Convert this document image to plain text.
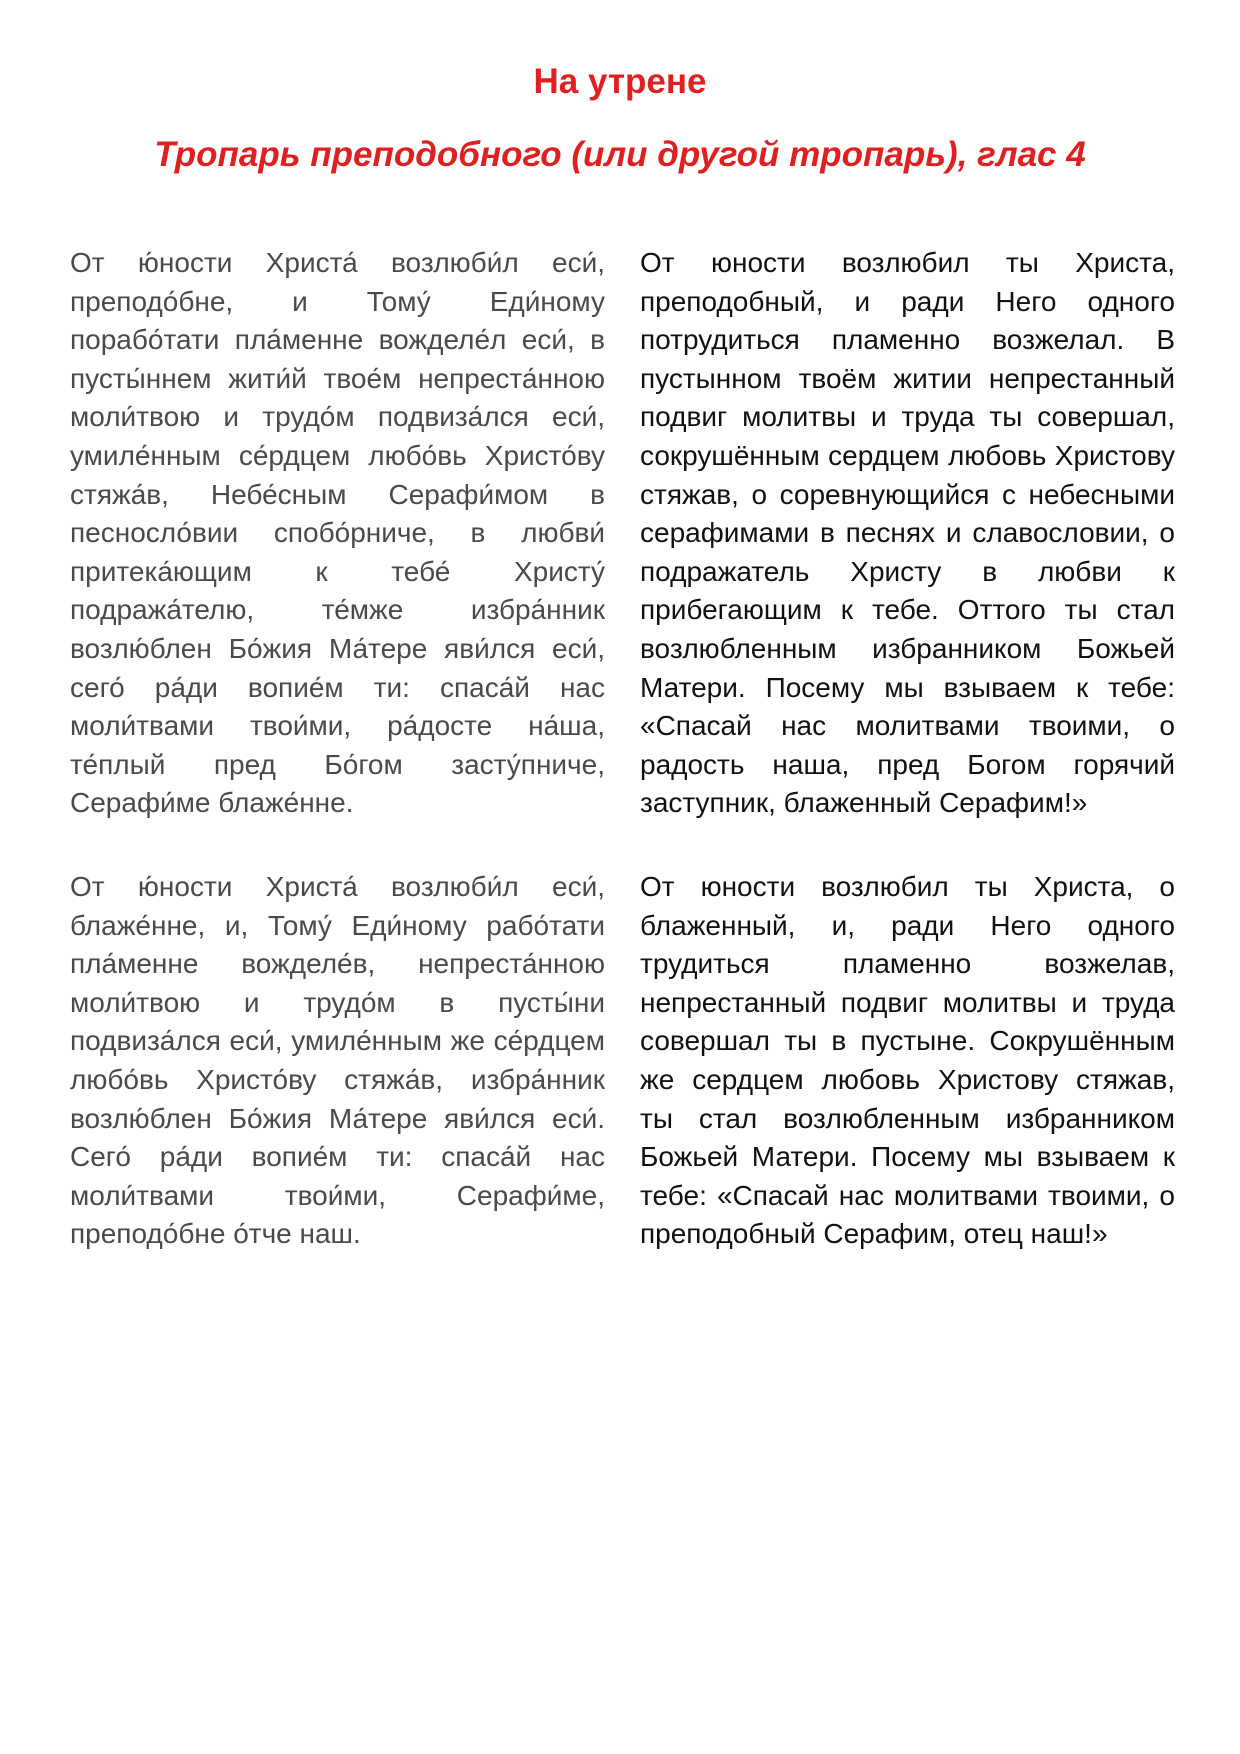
На утрене
Тропарь преподобного (или другой тропарь), глас 4

От ю́ности Христа́ возлюби́л еси́, преподо́бне, и Тому́ Еди́ному порабо́тати пла́менне вожделе́л еси́, в пусты́ннем жити́й твое́м непреста́нною моли́твою и трудо́м подвиза́лся еси́, умиле́нным се́рдцем любо́вь Христо́ву стяжа́в, Небе́сным Серафи́мом в песносло́вии спобо́рниче, в любви́ притека́ющим к тебе́ Христу́ подража́телю, те́мже избра́нник возлю́блен Бо́жия Ма́тере яви́лся еси́, сего́ ра́ди вопие́м ти: спаса́й нас моли́твами твои́ми, ра́досте на́ша, те́плый пред Бо́гом засту́пниче, Серафи́ме блаже́нне.

От юности возлюбил ты Христа, преподобный, и ради Него одного потрудиться пламенно возжелал. В пустынном твоём житии непрестанный подвиг молитвы и труда ты совершал, сокрушённым сердцем любовь Христову стяжав, о соревнующийся с небесными серафимами в песнях и славословии, о подражатель Христу в любви к прибегающим к тебе. Оттого ты стал возлюбленным избранником Божьей Матери. Посему мы взываем к тебе: «Спасай нас молитвами твоими, о радость наша, пред Богом горячий заступник, блаженный Серафим!»

От ю́ности Христа́ возлюби́л еси́, блаже́нне, и, Тому́ Еди́ному рабо́тати пла́менне вожделе́в, непреста́нною моли́твою и трудо́м в пусты́ни подвиза́лся еси́, умиле́нным же се́рдцем любо́вь Христо́ву стяжа́в, избра́нник возлю́блен Бо́жия Ма́тере яви́лся еси́. Сего́ ра́ди вопие́м ти: спаса́й нас моли́твами твои́ми, Серафи́ме, преподо́бне о́тче наш.

От юности возлюбил ты Христа, о блаженный, и, ради Него одного трудиться пламенно возжелав, непрестанный подвиг молитвы и труда совершал ты в пустыне. Сокрушённым же сердцем любовь Христову стяжав, ты стал возлюбленным избранником Божьей Матери. Посему мы взываем к тебе: «Спасай нас молитвами твоими, о преподобный Серафим, отец наш!»
